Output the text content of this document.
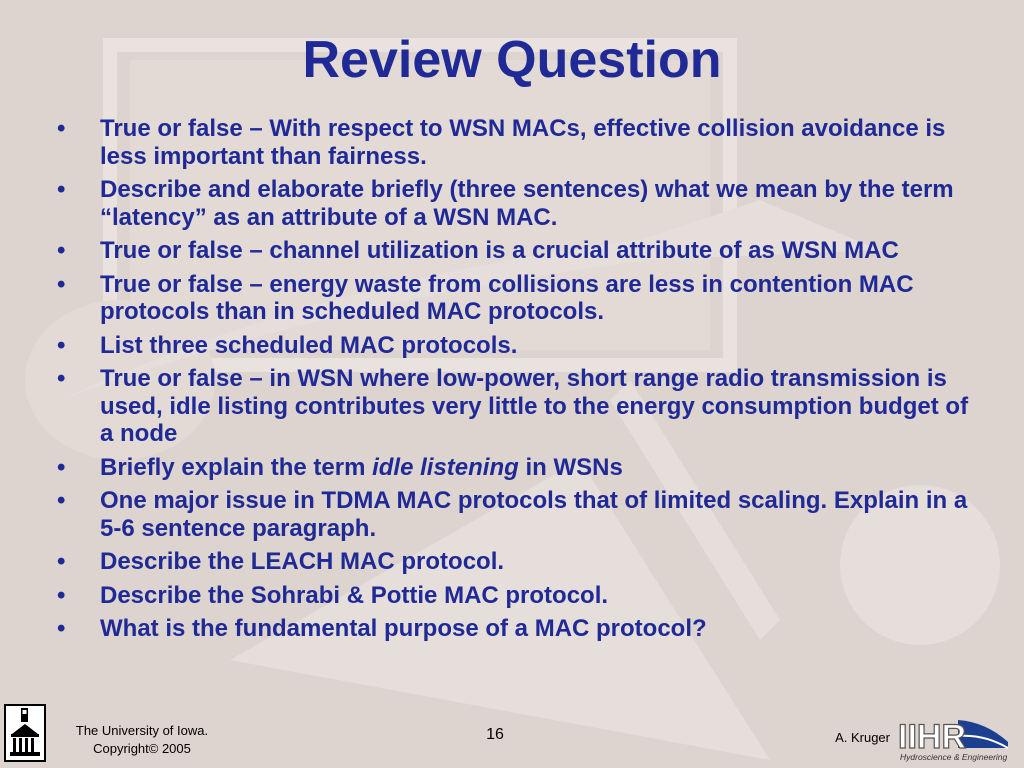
Review Question
•	True or false – With respect to WSN MACs, effective collision avoidance is less important than fairness.
•	Describe and elaborate briefly (three sentences) what we mean by the term “latency” as an attribute of a WSN MAC.
•	True or false – channel utilization is a crucial attribute of as WSN MAC
•	True or false – energy waste from collisions are less in contention MAC protocols than in scheduled MAC protocols.
•	List three scheduled MAC protocols.
•	True or false – in WSN where low-power, short range radio transmission is used, idle listing contributes very little to the energy consumption budget of a node
•	Briefly explain the term idle listening in WSNs
•	One major issue in TDMA MAC protocols that of limited scaling. Explain in a 5-6 sentence paragraph.
•	Describe the LEACH MAC protocol.
•	Describe the Sohrabi & Pottie MAC protocol.
•	What is the fundamental purpose of a MAC protocol?
The University of Iowa.
Copyright© 2005
16	A. Kruger IIHR
Hydroscience & Engineering
